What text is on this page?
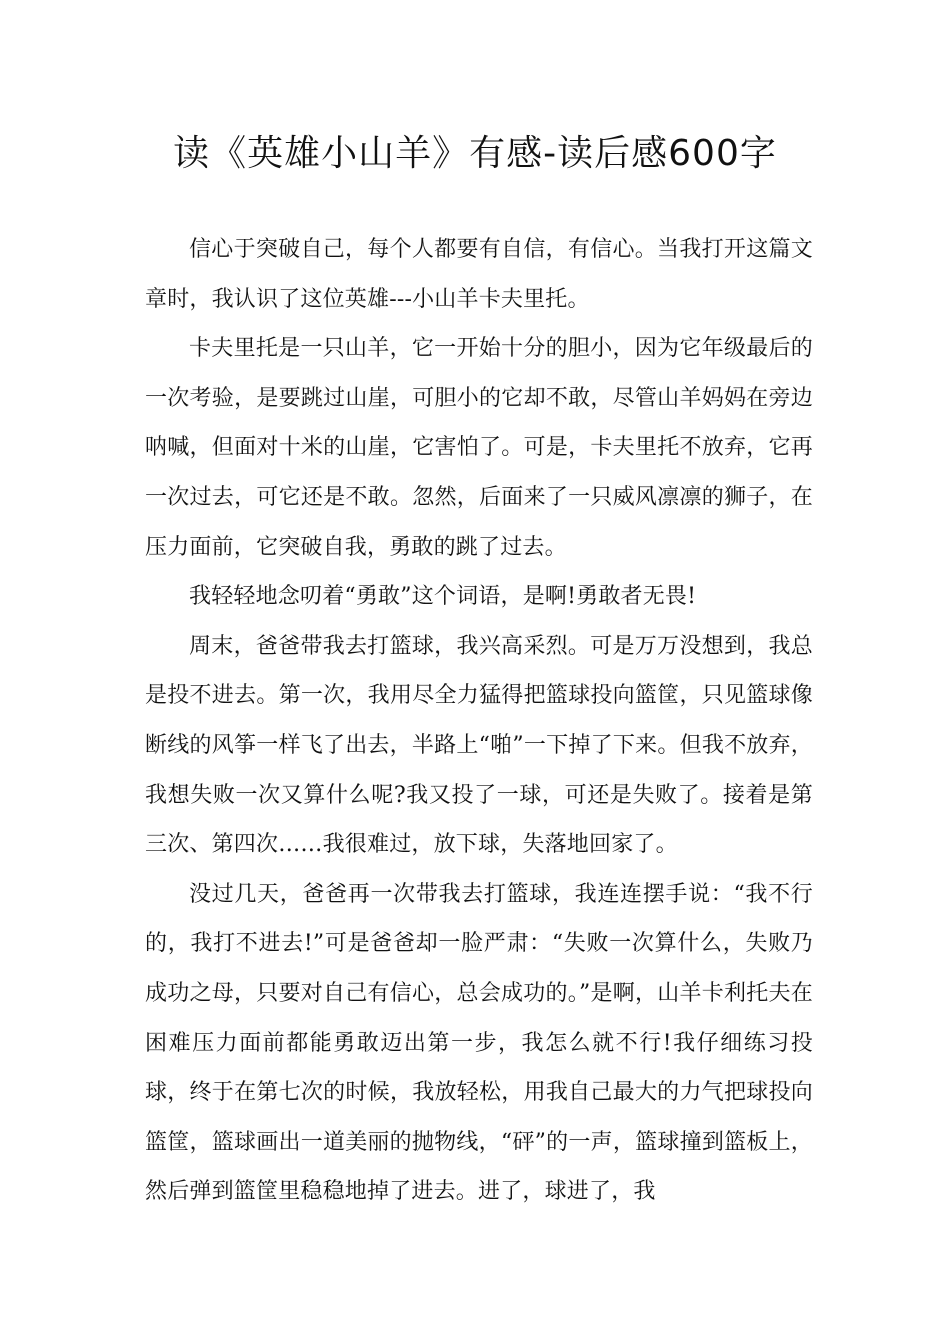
读《英雄小山羊》有感-读后感600字

信心于突破自己，每个人都要有自信，有信心。当我打开这篇文章时，我认识了这位英雄---小山羊卡夫里托。

卡夫里托是一只山羊，它一开始十分的胆小，因为它年级最后的一次考验，是要跳过山崖，可胆小的它却不敢，尽管山羊妈妈在旁边呐喊，但面对十米的山崖，它害怕了。可是，卡夫里托不放弃，它再一次过去，可它还是不敢。忽然，后面来了一只威风凛凛的狮子，在压力面前，它突破自我，勇敢的跳了过去。

我轻轻地念叨着“勇敢”这个词语，是啊!勇敢者无畏!

周末，爸爸带我去打篮球，我兴高采烈。可是万万没想到，我总是投不进去。第一次，我用尽全力猛得把篮球投向篮筐，只见篮球像断线的风筝一样飞了出去，半路上“啪”一下掉了下来。但我不放弃，我想失败一次又算什么呢?我又投了一球，可还是失败了。接着是第三次、第四次……我很难过，放下球，失落地回家了。

没过几天，爸爸再一次带我去打篮球，我连连摆手说：“我不行的，我打不进去!”可是爸爸却一脸严肃：“失败一次算什么，失败乃成功之母，只要对自己有信心，总会成功的。”是啊，山羊卡利托夫在困难压力面前都能勇敢迈出第一步，我怎么就不行!我仔细练习投球，终于在第七次的时候，我放轻松，用我自己最大的力气把球投向篮筐，篮球画出一道美丽的抛物线，“砰”的一声，篮球撞到篮板上，然后弹到篮筐里稳稳地掉了进去。进了，球进了，我
